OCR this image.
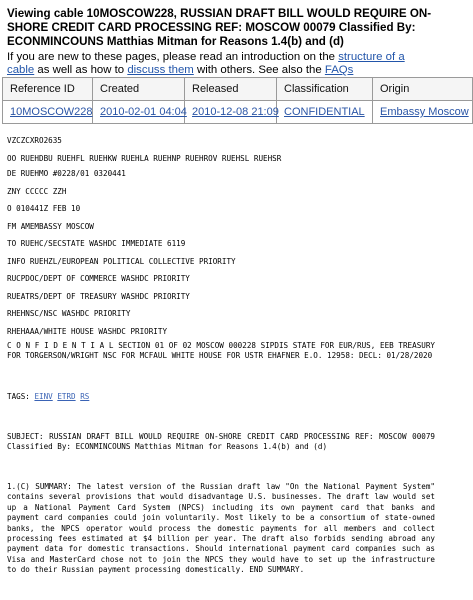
Viewing cable 10MOSCOW228, RUSSIAN DRAFT BILL WOULD REQUIRE ON-SHORE CREDIT CARD PROCESSING REF: MOSCOW 00079 Classified By: ECONMINCOUNS Matthias Mitman for Reasons 1.4(b) and (d)
If you are new to these pages, please read an introduction on the structure of a cable as well as how to discuss them with others. See also the FAQs
Reference ID	Created	Released	Classification	Origin
10MOSCOW228	2010-02-01 04:04	2010-12-08 21:09	CONFIDENTIAL	Embassy Moscow
VZCZCXRO2635
OO RUEHDBU RUEHFL RUEHKW RUEHLA RUEHNP RUEHROV RUEHSL RUEHSR
DE RUEHMO #0228/01 0320441
ZNY CCCCC ZZH
O 010441Z FEB 10
FM AMEMBASSY MOSCOW
TO RUEHC/SECSTATE WASHDC IMMEDIATE 6119
INFO RUEHZL/EUROPEAN POLITICAL COLLECTIVE PRIORITY
RUCPDOC/DEPT OF COMMERCE WASHDC PRIORITY
RUEATRS/DEPT OF TREASURY WASHDC PRIORITY
RHEHNSC/NSC WASHDC PRIORITY
RHEHAAA/WHITE HOUSE WASHDC PRIORITY
C O N F I D E N T I A L SECTION 01 OF 02 MOSCOW 000228 SIPDIS STATE FOR EUR/RUS, EEB TREASURY FOR TORGERSON/WRIGHT NSC FOR MCFAUL WHITE HOUSE FOR USTR EHAFNER E.O. 12958: DECL: 01/28/2020
TAGS: EINV ETRD RS
SUBJECT: RUSSIAN DRAFT BILL WOULD REQUIRE ON-SHORE CREDIT CARD PROCESSING REF: MOSCOW 00079 Classified By: ECONMINCOUNS Matthias Mitman for Reasons 1.4(b) and (d)
1.(C) SUMMARY: The latest version of the Russian draft law "On the National Payment System" contains several provisions that would disadvantage U.S. businesses. The draft law would set up a National Payment Card System (NPCS) including its own payment card that banks and payment card companies could join voluntarily. Most likely to be a consortium of state-owned banks, the NPCS operator would process the domestic payments for all members and collect processing fees estimated at $4 billion per year. The draft also forbids sending abroad any payment data for domestic transactions. Should international payment card companies such as Visa and MasterCard chose not to join the NPCS they would have to set up the infrastructure to do their Russian payment processing domestically. END SUMMARY.
